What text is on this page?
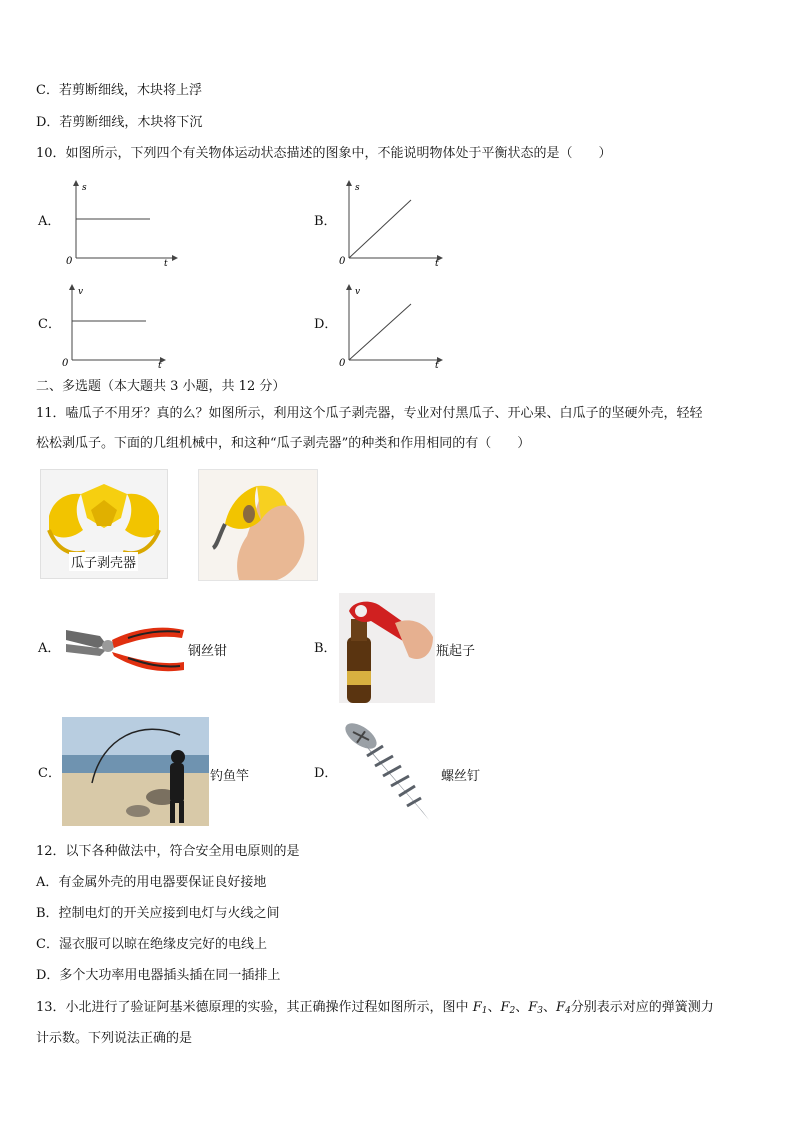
C．若剪断细线，木块将上浮
D．若剪断细线，木块将下沉
10．如图所示，下列四个有关物体运动状态描述的图象中，不能说明物体处于平衡状态的是（　　）
A．
s
t
0
B．
s
t
0
C．
v
t
0
D．
v
t
0
二、多选题（本大题共 3 小题，共 12 分）
11．嗑瓜子不用牙？真的么？如图所示，利用这个瓜子剥壳器，专业对付黑瓜子、开心果、白瓜子的坚硬外壳，轻轻
松松剥瓜子。下面的几组机械中，和这种“瓜子剥壳器”的种类和作用相同的有（　　）
瓜子剥壳器
A．	钢丝钳	B．	瓶起子
C．	钓鱼竿	D．	螺丝钉
12．以下各种做法中，符合安全用电原则的是
A．有金属外壳的用电器要保证良好接地
B．控制电灯的开关应接到电灯与火线之间
C．湿衣服可以晾在绝缘皮完好的电线上
D．多个大功率用电器插头插在同一插排上
13．小北进行了验证阿基米德原理的实验，其正确操作过程如图所示，图中 $F_1$、$F_2$、$F_3$、$F_4$分别表示对应的弹簧测力
计示数。下列说法正确的是
